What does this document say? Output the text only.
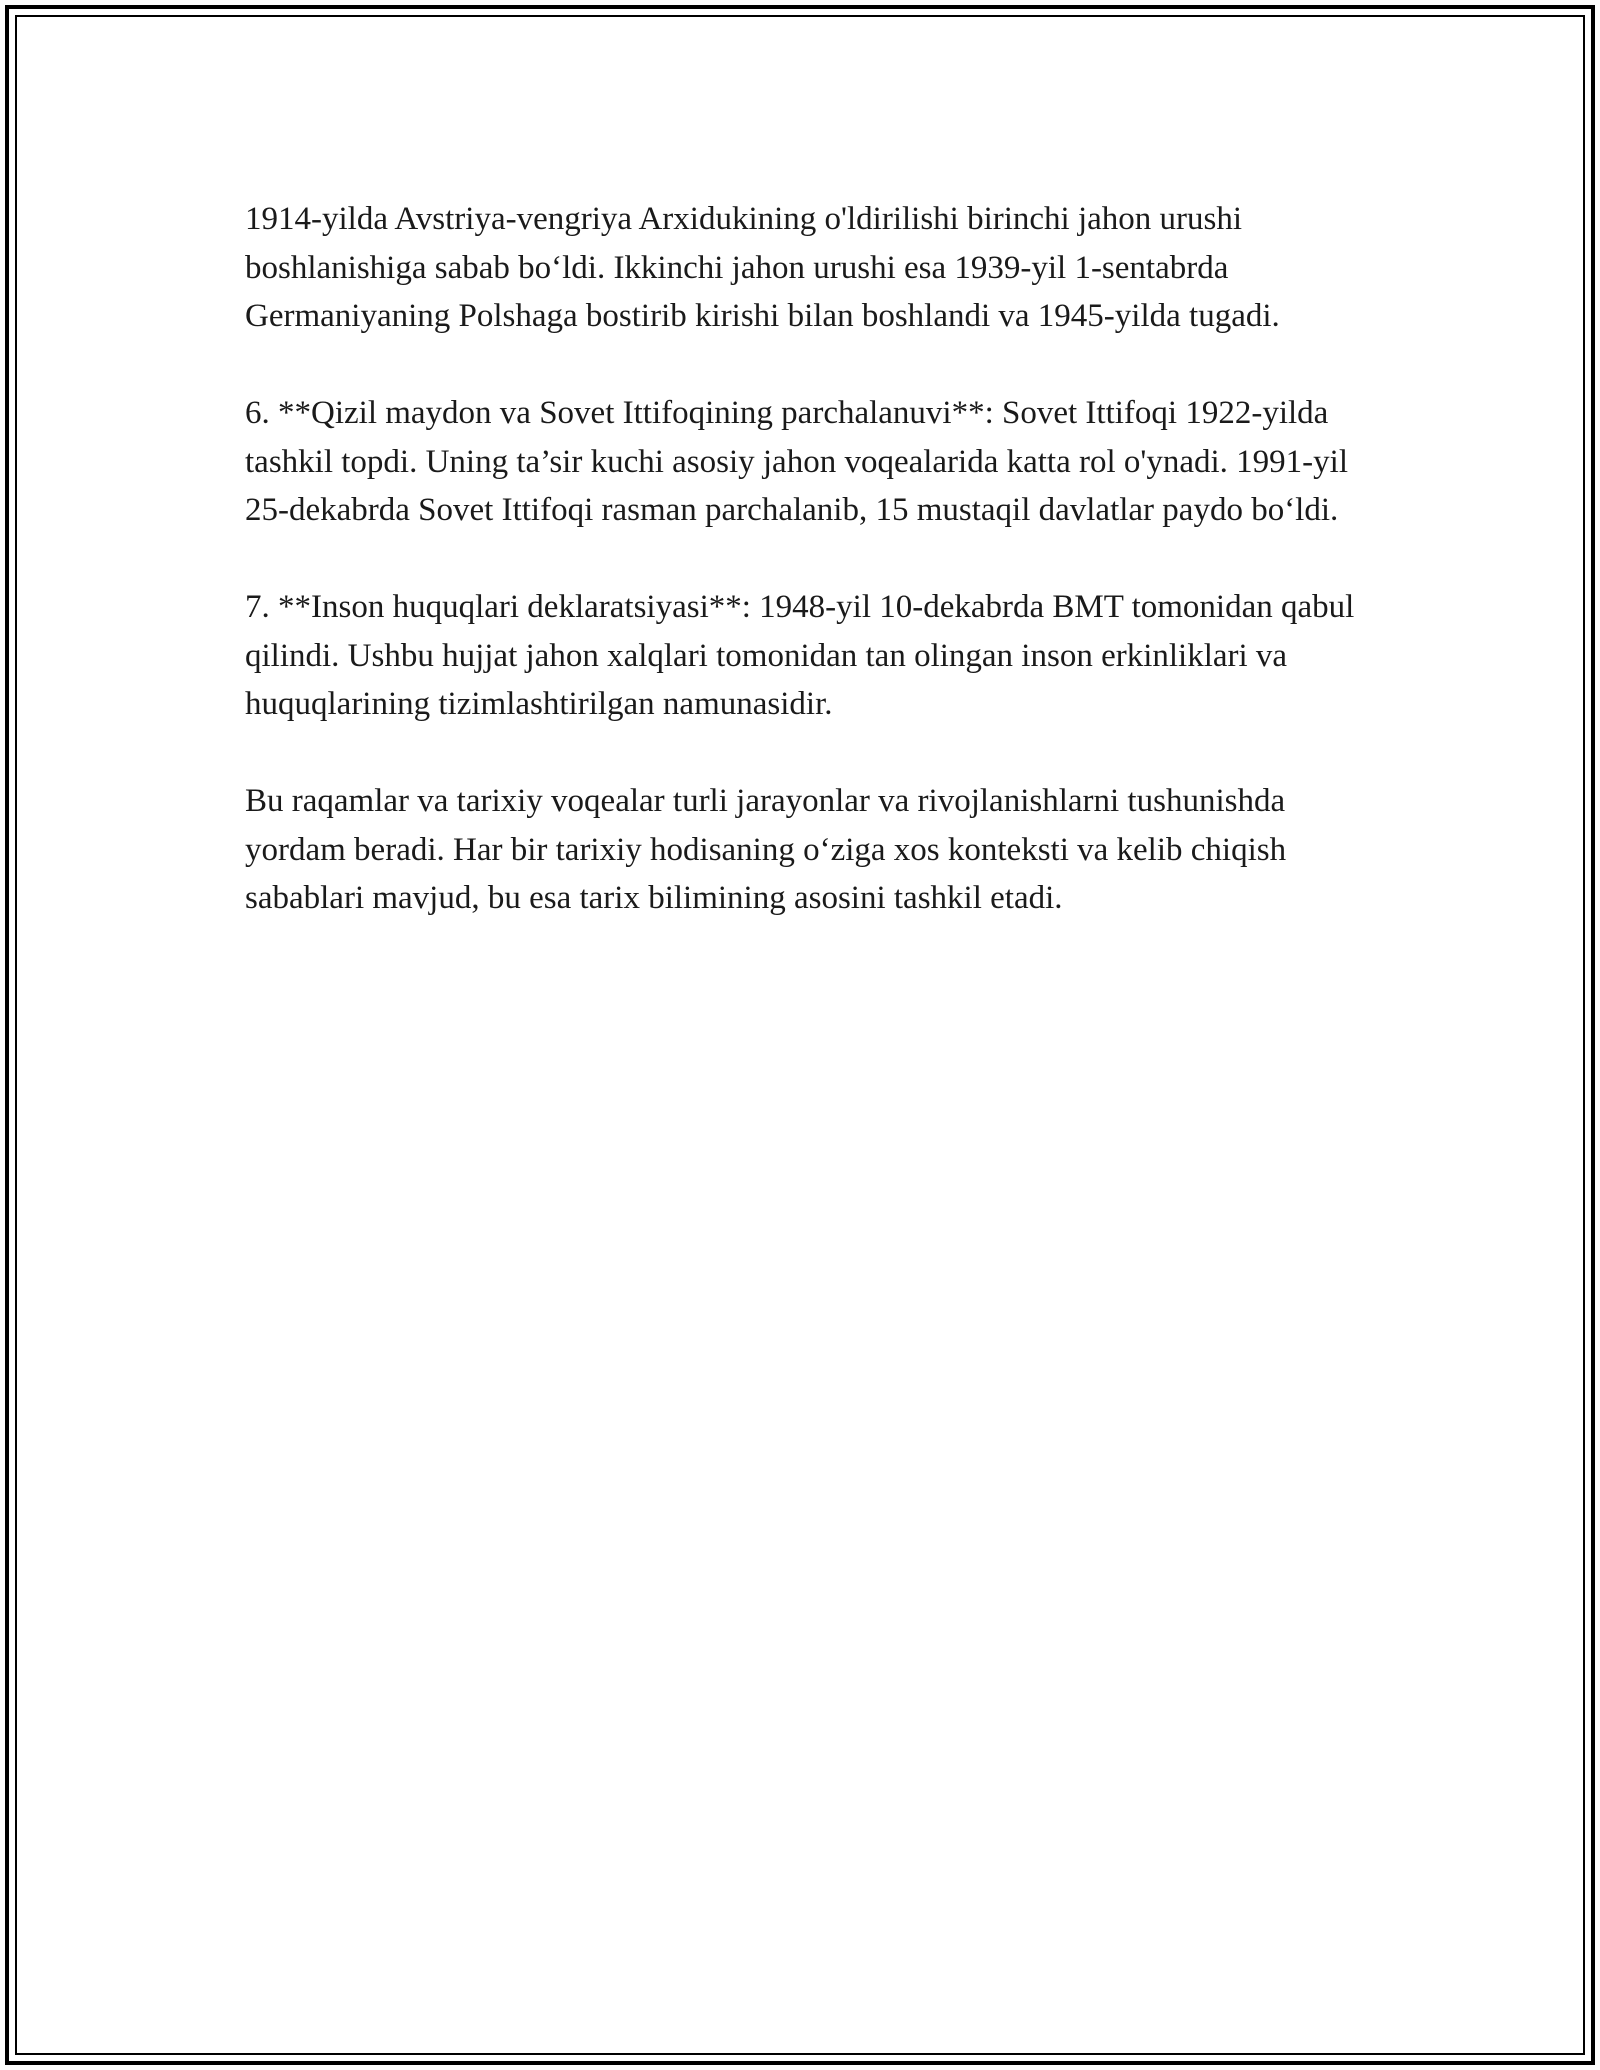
1914-yilda Avstriya-vengriya Arxidukining o'ldirilishi birinchi jahon urushi boshlanishiga sabab bo‘ldi. Ikkinchi jahon urushi esa 1939-yil 1-sentabrda Germaniyaning Polshaga bostirib kirishi bilan boshlandi va 1945-yilda tugadi.

6. **Qizil maydon va Sovet Ittifoqining parchalanuvi**: Sovet Ittifoqi 1922-yilda tashkil topdi. Uning ta’sir kuchi asosiy jahon voqealarida katta rol o'ynadi. 1991-yil 25-dekabrda Sovet Ittifoqi rasman parchalanib, 15 mustaqil davlatlar paydo bo‘ldi.

7. **Inson huquqlari deklaratsiyasi**: 1948-yil 10-dekabrda BMT tomonidan qabul qilindi. Ushbu hujjat jahon xalqlari tomonidan tan olingan inson erkinliklari va huquqlarining tizimlashtirilgan namunasidir.

Bu raqamlar va tarixiy voqealar turli jarayonlar va rivojlanishlarni tushunishda yordam beradi. Har bir tarixiy hodisaning o‘ziga xos konteksti va kelib chiqish sabablari mavjud, bu esa tarix bilimining asosini tashkil etadi.
